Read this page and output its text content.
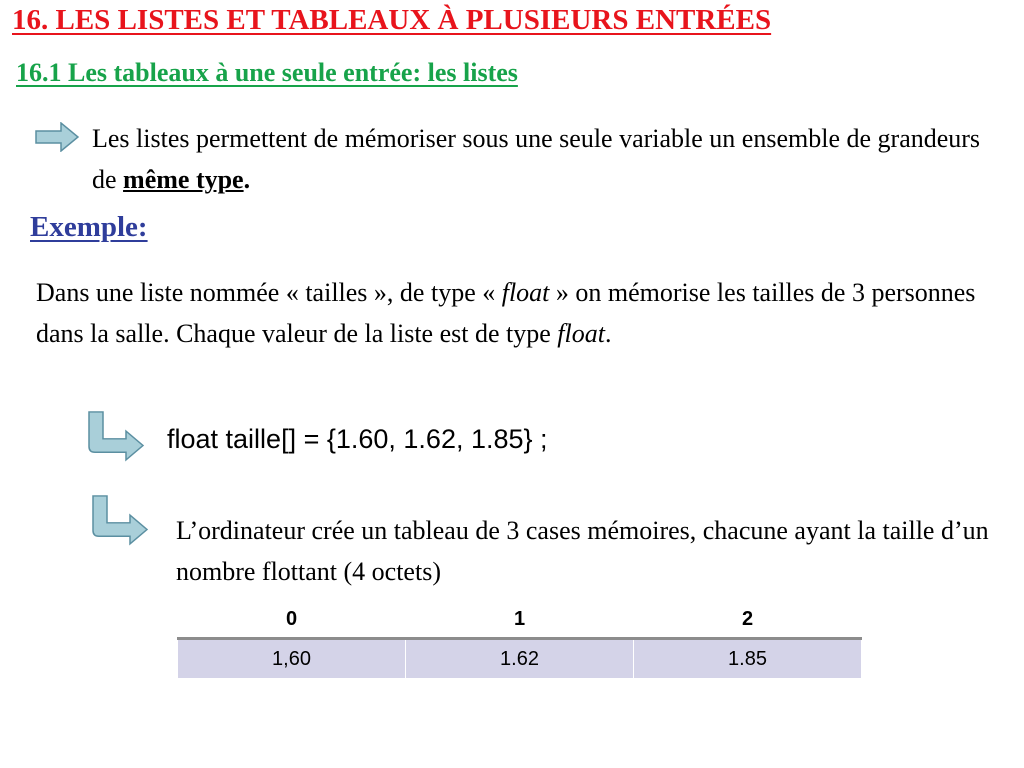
16. LES LISTES ET TABLEAUX À PLUSIEURS ENTRÉES
16.1 Les tableaux à une seule entrée: les listes
Les listes permettent de mémoriser sous une seule variable un ensemble de grandeurs de même type.
Exemple:
Dans une liste nommée « tailles », de type « float » on mémorise les tailles de 3 personnes dans la salle. Chaque valeur de la liste est de type float.
float taille[] = {1.60, 1.62, 1.85} ;
L’ordinateur crée un tableau de 3 cases mémoires, chacune ayant la taille d’un nombre flottant (4 octets)
0	1	2
1,60	1.62	1.85
